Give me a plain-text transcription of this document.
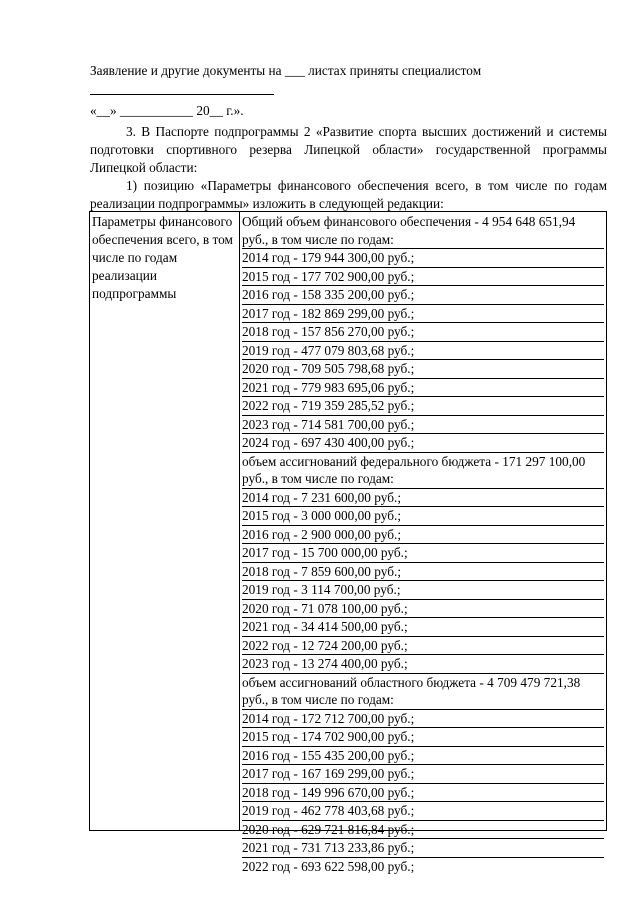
Заявление и другие документы на ___ листах приняты специалистом
«__» ___________ 20__ г.».
3. В Паспорте подпрограммы 2 «Развитие спорта высших достижений и системы подготовки спортивного резерва Липецкой области» государственной программы Липецкой области:
1) позицию «Параметры финансового обеспечения всего, в том числе по годам реализации подпрограммы» изложить в следующей редакции:
Параметры финансового обеспечения всего, в том числе по годам реализации подпрограммы
Общий объем финансового обеспечения - 4 954 648 651,94 руб., в том числе по годам:
2014 год - 179 944 300,00 руб.;
2015 год - 177 702 900,00 руб.;
2016 год - 158 335 200,00 руб.;
2017 год - 182 869 299,00 руб.;
2018 год - 157 856 270,00 руб.;
2019 год - 477 079 803,68 руб.;
2020 год - 709 505 798,68 руб.;
2021 год - 779 983 695,06 руб.;
2022 год - 719 359 285,52 руб.;
2023 год - 714 581 700,00 руб.;
2024 год - 697 430 400,00 руб.;
объем ассигнований федерального бюджета - 171 297 100,00 руб., в том числе по годам:
2014 год - 7 231 600,00 руб.;
2015 год - 3 000 000,00 руб.;
2016 год - 2 900 000,00 руб.;
2017 год - 15 700 000,00 руб.;
2018 год - 7 859 600,00 руб.;
2019 год - 3 114 700,00 руб.;
2020 год - 71 078 100,00 руб.;
2021 год - 34 414 500,00 руб.;
2022 год - 12 724 200,00 руб.;
2023 год - 13 274 400,00 руб.;
объем ассигнований областного бюджета - 4 709 479 721,38 руб., в том числе по годам:
2014 год - 172 712 700,00 руб.;
2015 год - 174 702 900,00 руб.;
2016 год - 155 435 200,00 руб.;
2017 год - 167 169 299,00 руб.;
2018 год - 149 996 670,00 руб.;
2019 год - 462 778 403,68 руб.;
2020 год - 629 721 816,84 руб.;
2021 год - 731 713 233,86 руб.;
2022 год - 693 622 598,00 руб.;
